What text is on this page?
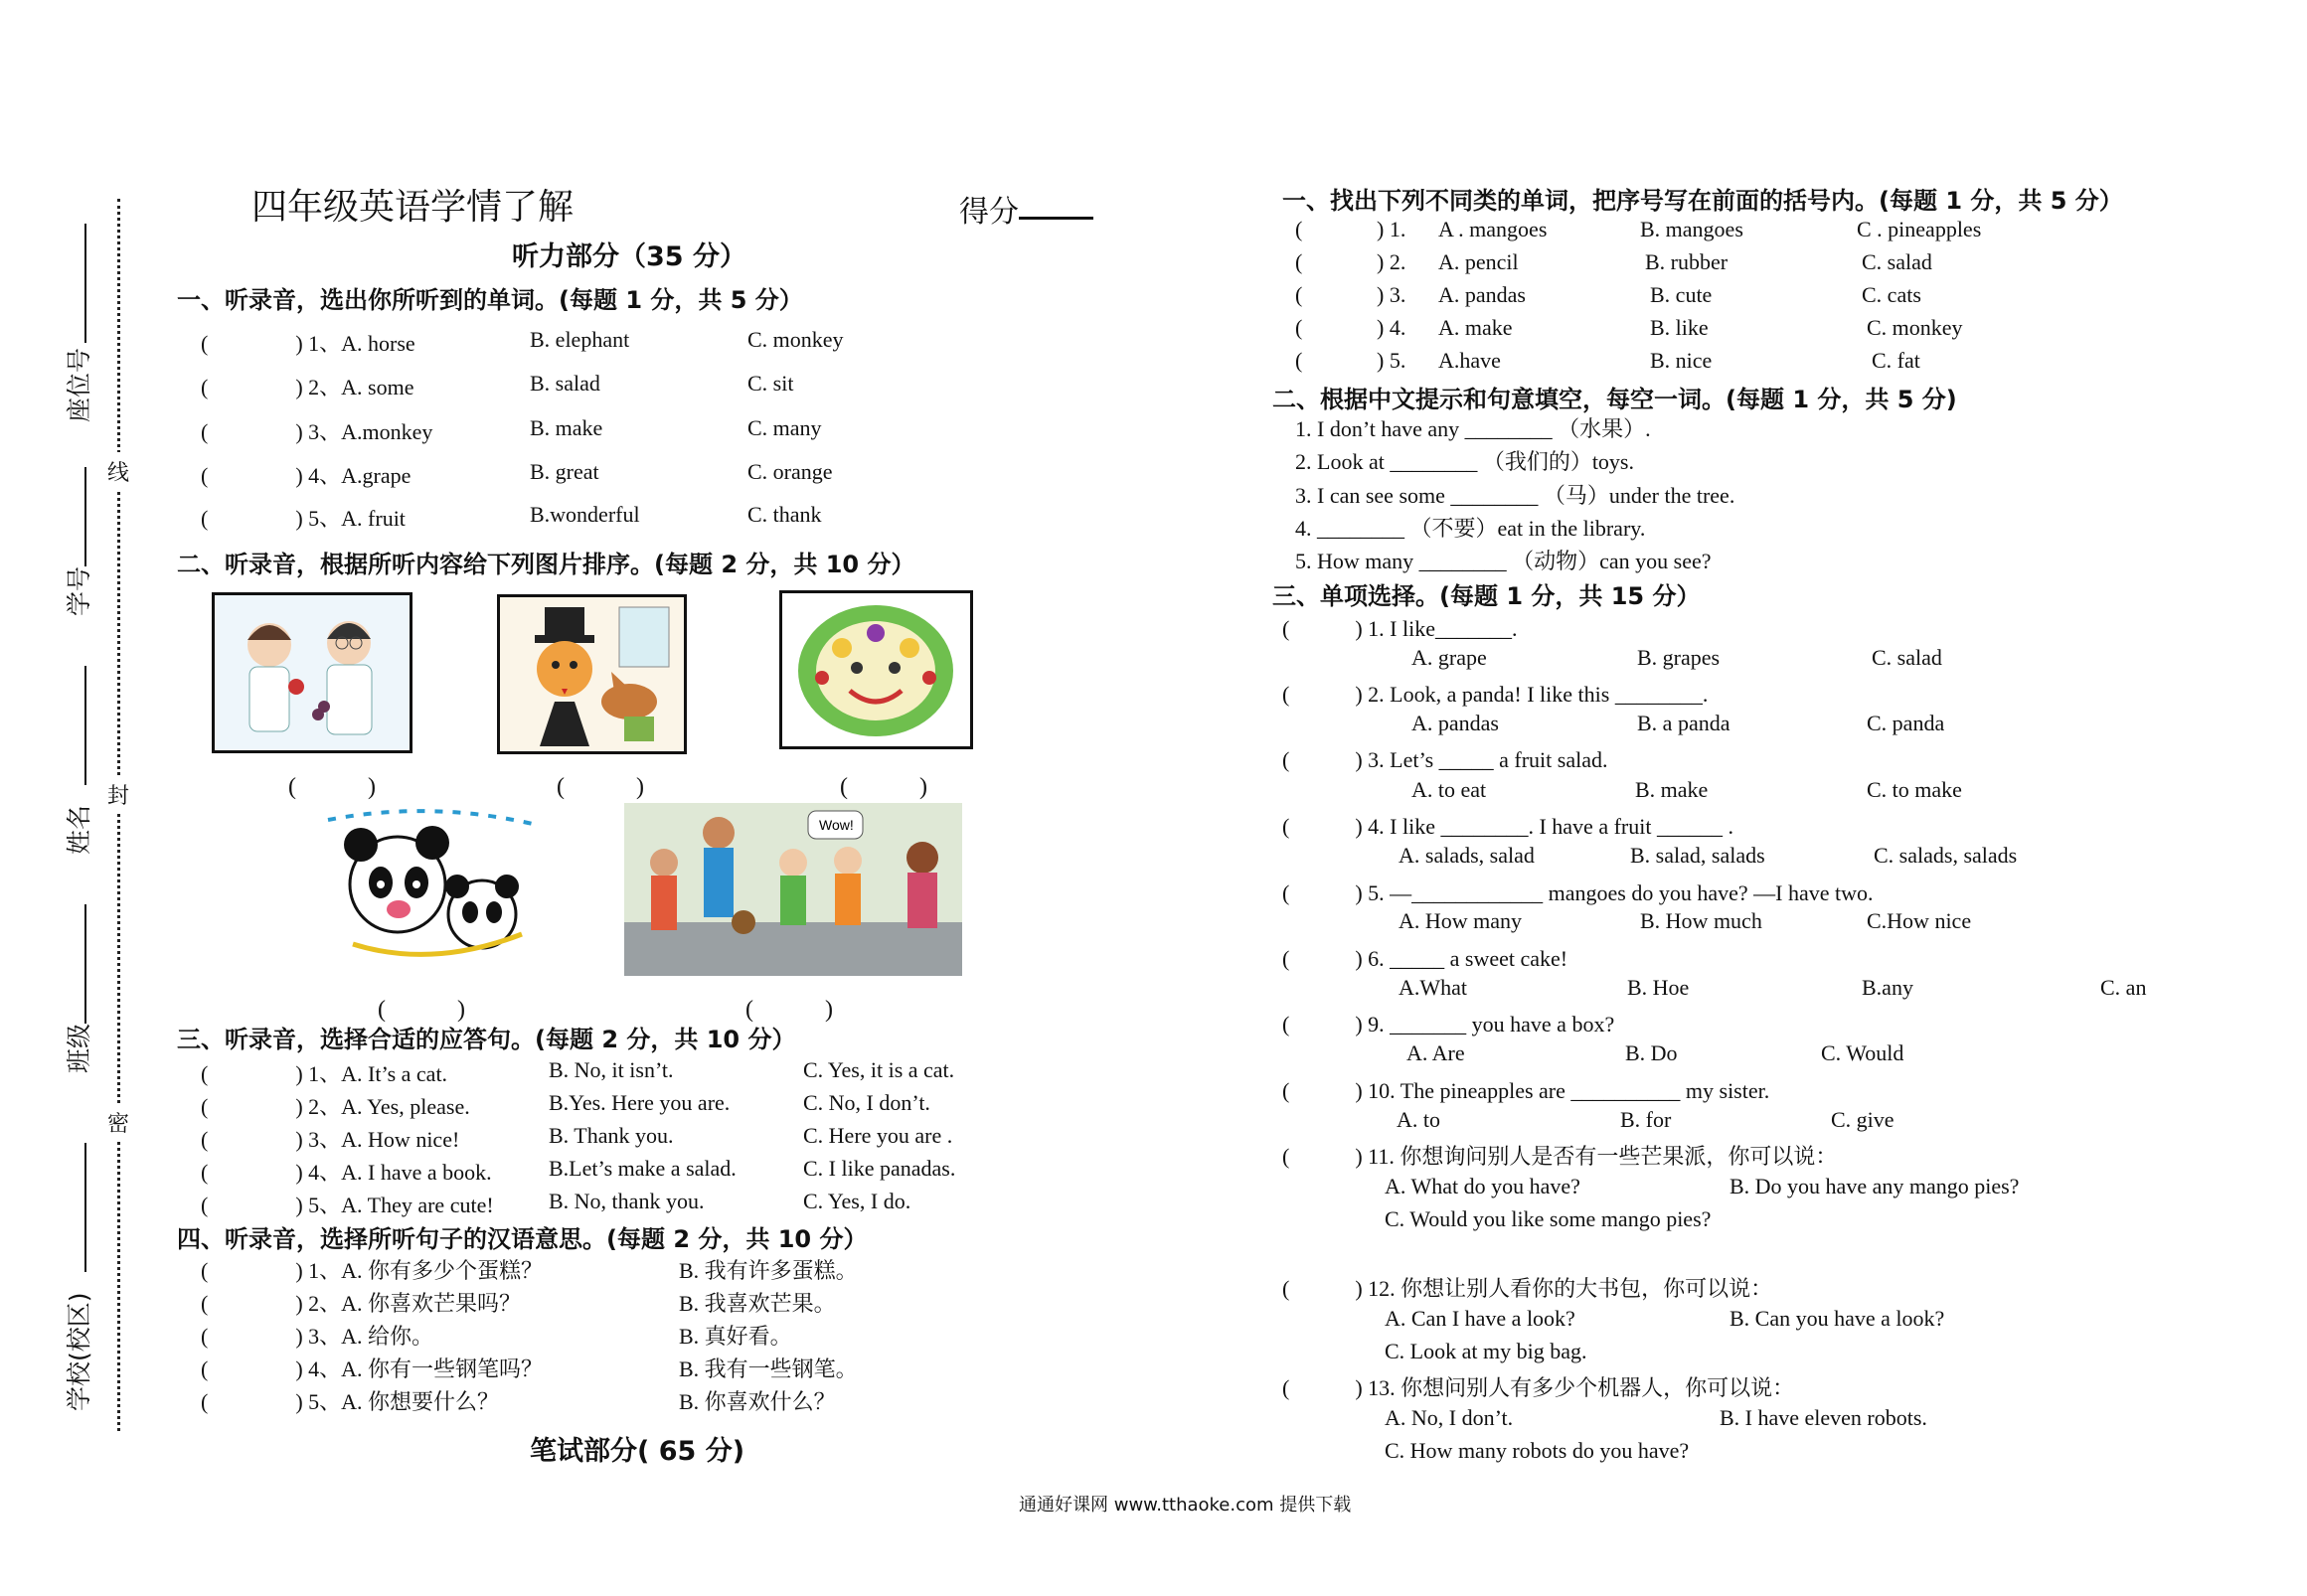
座位号
学号
姓名
班级
学校(校区)
线
封
密
四年级英语学情了解	得分
听力部分（35 分）
一、听录音，选出你所听到的单词。(每题 1 分，共 5 分）
(　　　　) 1、A. horse	B. elephant	C. monkey
(　　　　) 2、A. some	B. salad	C. sit
(　　　　) 3、A.monkey	B. make	C. many
(　　　　) 4、A.grape	B. great	C. orange
(　　　　) 5、A. fruit	B.wonderful	C. thank
二、听录音，根据所听内容给下列图片排序。(每题 2 分，共 10 分）
(　　　)	(　　　)	(　　　)
Wow!
(　　　)	(　　　)
三、听录音，选择合适的应答句。(每题 2 分，共 10 分）
(　　　　) 1、A. It’s a cat.	B. No, it isn’t.	C. Yes, it is a cat.
(　　　　) 2、A. Yes, please.	B.Yes. Here you are.	C. No, I don’t.
(　　　　) 3、A. How nice!	B. Thank you.	C. Here you are .
(　　　　) 4、A. I have a book.	B.Let’s make a salad.	C. I like panadas.
(　　　　) 5、A. They are cute!	B. No, thank you.	C. Yes, I do.
四、听录音，选择所听句子的汉语意思。(每题 2 分，共 10 分）
(　　　　) 1、A. 你有多少个蛋糕？	B. 我有许多蛋糕。
(　　　　) 2、A. 你喜欢芒果吗？	B. 我喜欢芒果。
(　　　　) 3、A. 给你。	B. 真好看。
(　　　　) 4、A. 你有一些钢笔吗？	B. 我有一些钢笔。
(　　　　) 5、A. 你想要什么？	B. 你喜欢什么？
笔试部分( 65 分)
一、找出下列不同类的单词，把序号写在前面的括号内。(每题 1 分，共 5 分）
(	) 1. A . mangoes	B. mangoes	C . pineapples
(	) 2. A. pencil	B. rubber	C. salad
(	) 3. A. pandas	B. cute	C. cats
(	) 4. A. make	B. like	C. monkey
(	) 5. A.have	B. nice	C. fat
二、根据中文提示和句意填空，每空一词。(每题 1 分，共 5 分)
1. I don’t have any ________ （水果）.
2. Look at ________ （我们的）toys.
3. I can see some ________ （马）under the tree.
4. ________ （不要）eat in the library.
5. How many ________ （动物）can you see?
三、单项选择。(每题 1 分，共 15 分）
(　　　) 1. I like_______.
A. grape	B. grapes	C. salad
(　　　) 2. Look, a panda! I like this ________.
A. pandas	B. a panda	C. panda
(　　　) 3. Let’s _____ a fruit salad.
A. to eat	B. make	C. to make
(　　　) 4. I like ________. I have a fruit ______ .
A. salads, salad	B. salad, salads	C. salads, salads
(　　　) 5. —____________ mangoes do you have? —I have two.
A. How many	B. How much	C.How nice
(　　　) 6. _____ a sweet cake!
A.What	B. Hoe	B.any	C. an
(　　　) 9. _______ you have a box?
A. Are	B. Do	C. Would
(　　　) 10. The pineapples are __________ my sister.
A. to	B. for	C. give
(　　　) 11. 你想询问别人是否有一些芒果派，你可以说：
A. What do you have?	B. Do you have any mango pies?
C. Would you like some mango pies?
(　　　) 12. 你想让别人看你的大书包，你可以说：
A. Can I have a look?	B. Can you have a look?
C. Look at my big bag.
(　　　) 13. 你想问别人有多少个机器人，你可以说：
A. No, I don’t.	B. I have eleven robots.
C. How many robots do you have?
通通好课网 www.tthaoke.com 提供下载
